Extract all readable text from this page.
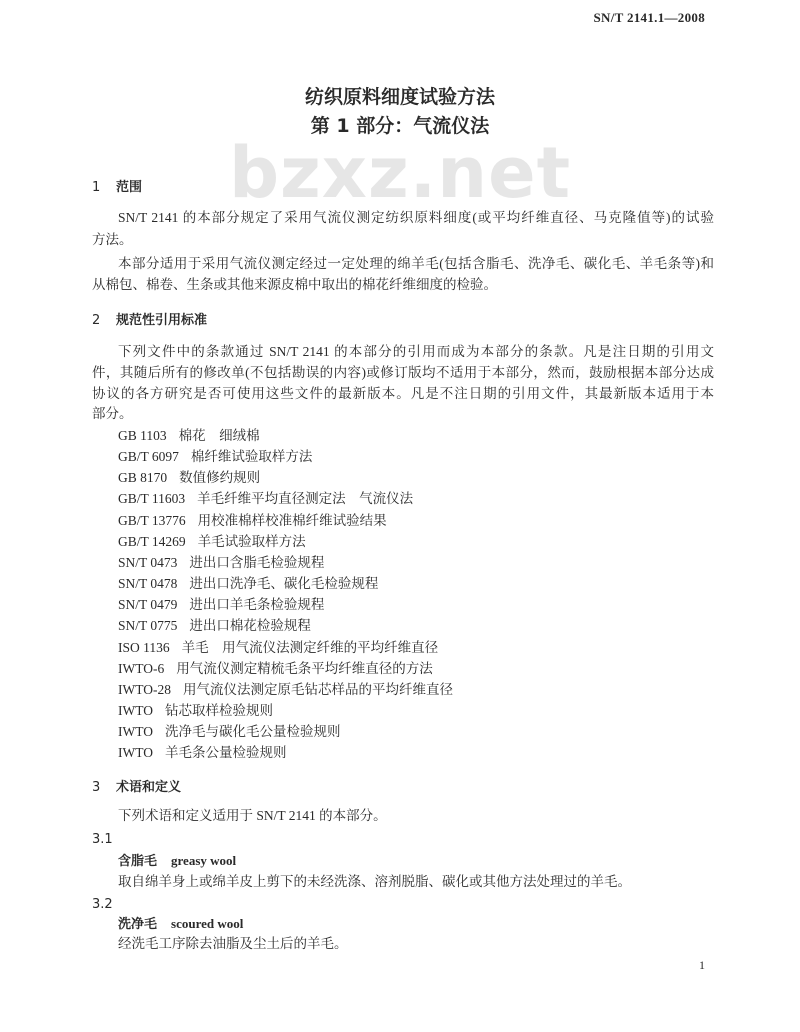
SN/T 2141.1—2008
纺织原料细度试验方法
第 1 部分：气流仪法
bzxz.net
1 范围
SN/T 2141 的本部分规定了采用气流仪测定纺织原料细度(或平均纤维直径、马克隆值等)的试验
方法。
本部分适用于采用气流仪测定经过一定处理的绵羊毛(包括含脂毛、洗净毛、碳化毛、羊毛条等)和
从棉包、棉卷、生条或其他来源皮棉中取出的棉花纤维细度的检验。
2 规范性引用标准
下列文件中的条款通过 SN/T 2141 的本部分的引用而成为本部分的条款。凡是注日期的引用文
件，其随后所有的修改单(不包括勘误的内容)或修订版均不适用于本部分，然而，鼓励根据本部分达成
协议的各方研究是否可使用这些文件的最新版本。凡是不注日期的引用文件，其最新版本适用于本
部分。
GB 1103 棉花　细绒棉
GB/T 6097 棉纤维试验取样方法
GB 8170 数值修约规则
GB/T 11603 羊毛纤维平均直径测定法　气流仪法
GB/T 13776 用校准棉样校准棉纤维试验结果
GB/T 14269 羊毛试验取样方法
SN/T 0473 进出口含脂毛检验规程
SN/T 0478 进出口洗净毛、碳化毛检验规程
SN/T 0479 进出口羊毛条检验规程
SN/T 0775 进出口棉花检验规程
ISO 1136 羊毛　用气流仪法测定纤维的平均纤维直径
IWTO-6 用气流仪测定精梳毛条平均纤维直径的方法
IWTO-28 用气流仪法测定原毛钻芯样品的平均纤维直径
IWTO 钻芯取样检验规则
IWTO 洗净毛与碳化毛公量检验规则
IWTO 羊毛条公量检验规则
3 术语和定义
下列术语和定义适用于 SN/T 2141 的本部分。
3.1
含脂毛 greasy wool
取自绵羊身上或绵羊皮上剪下的未经洗涤、溶剂脱脂、碳化或其他方法处理过的羊毛。
3.2
洗净毛 scoured wool
经洗毛工序除去油脂及尘土后的羊毛。
1
